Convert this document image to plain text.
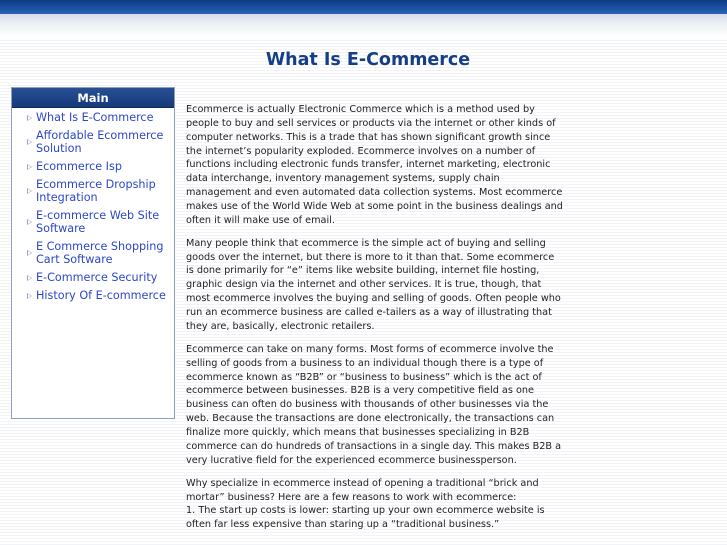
What Is E-Commerce
Main
What Is E-Commerce
Affordable Ecommerce Solution
Ecommerce Isp
Ecommerce Dropship Integration
E-commerce Web Site Software
E Commerce Shopping Cart Software
E-Commerce Security
History Of E-commerce

Ecommerce is actually Electronic Commerce which is a method used by people to buy and sell services or products via the internet or other kinds of computer networks. This is a trade that has shown significant growth since the internet’s popularity exploded. Ecommerce involves on a number of functions including electronic funds transfer, internet marketing, electronic data interchange, inventory management systems, supply chain management and even automated data collection systems. Most ecommerce makes use of the World Wide Web at some point in the business dealings and often it will make use of email.

Many people think that ecommerce is the simple act of buying and selling goods over the internet, but there is more to it than that. Some ecommerce is done primarily for “e” items like website building, internet file hosting, graphic design via the internet and other services. It is true, though, that most ecommerce involves the buying and selling of goods. Often people who run an ecommerce business are called e-tailers as a way of illustrating that they are, basically, electronic retailers.

Ecommerce can take on many forms. Most forms of ecommerce involve the selling of goods from a business to an individual though there is a type of ecommerce known as “B2B” or “business to business” which is the act of ecommerce between businesses. B2B is a very competitive field as one business can often do business with thousands of other businesses via the web. Because the transactions are done electronically, the transactions can finalize more quickly, which means that businesses specializing in B2B commerce can do hundreds of transactions in a single day. This makes B2B a very lucrative field for the experienced ecommerce businessperson.

Why specialize in ecommerce instead of opening a traditional “brick and mortar” business? Here are a few reasons to work with ecommerce:
1. The start up costs is lower: starting up your own ecommerce website is often far less expensive than staring up a “traditional business.”
